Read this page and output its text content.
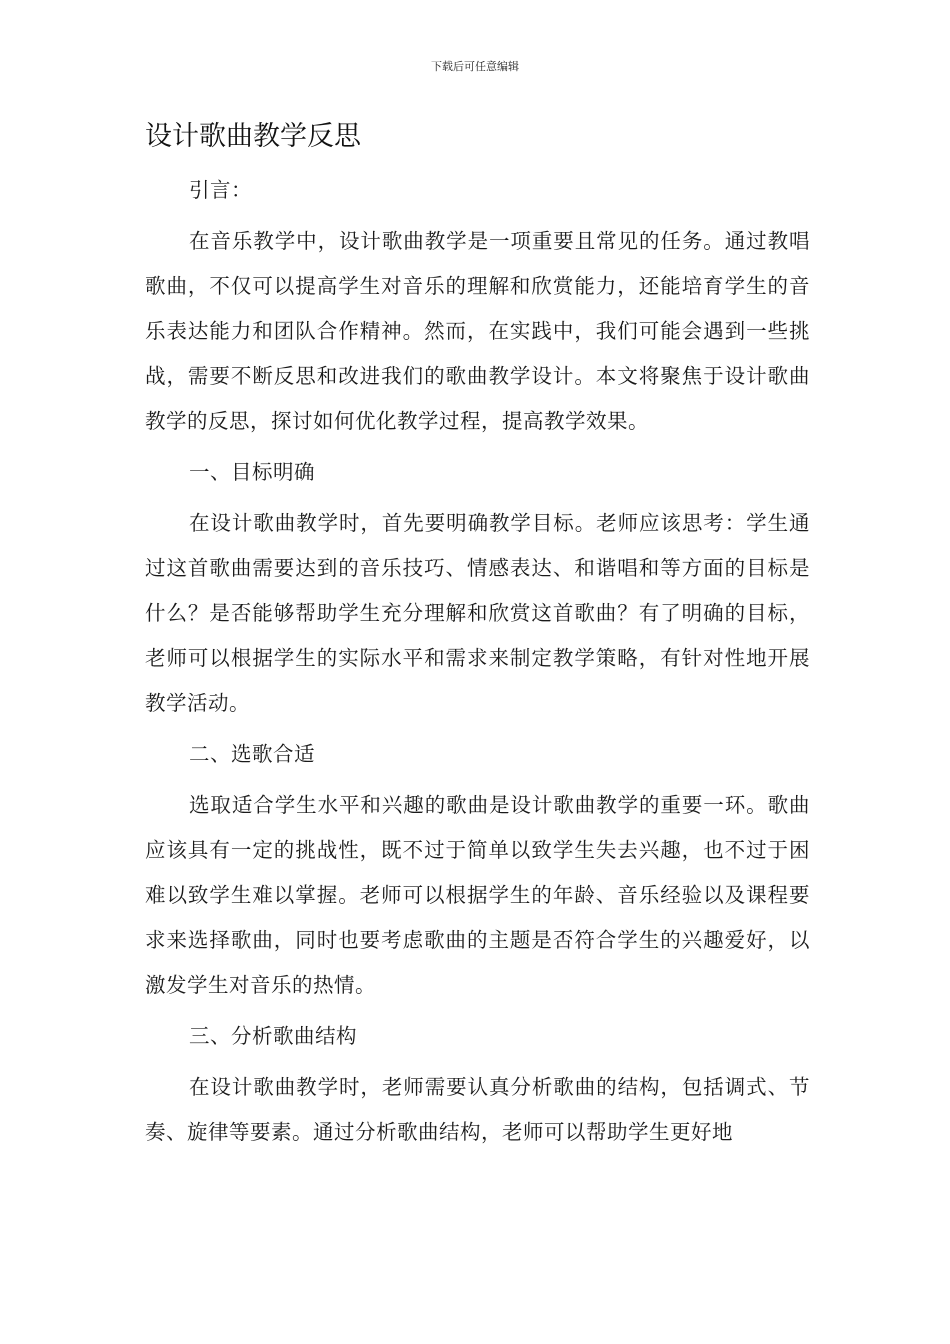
下载后可任意编辑
设计歌曲教学反思

引言：

在音乐教学中，设计歌曲教学是一项重要且常见的任务。通过教唱歌曲，不仅可以提高学生对音乐的理解和欣赏能力，还能培育学生的音乐表达能力和团队合作精神。然而，在实践中，我们可能会遇到一些挑战，需要不断反思和改进我们的歌曲教学设计。本文将聚焦于设计歌曲教学的反思，探讨如何优化教学过程，提高教学效果。

一、目标明确

在设计歌曲教学时，首先要明确教学目标。老师应该思考：学生通过这首歌曲需要达到的音乐技巧、情感表达、和谐唱和等方面的目标是什么？是否能够帮助学生充分理解和欣赏这首歌曲？有了明确的目标，老师可以根据学生的实际水平和需求来制定教学策略，有针对性地开展教学活动。

二、选歌合适

选取适合学生水平和兴趣的歌曲是设计歌曲教学的重要一环。歌曲应该具有一定的挑战性，既不过于简单以致学生失去兴趣，也不过于困难以致学生难以掌握。老师可以根据学生的年龄、音乐经验以及课程要求来选择歌曲，同时也要考虑歌曲的主题是否符合学生的兴趣爱好，以激发学生对音乐的热情。

三、分析歌曲结构

在设计歌曲教学时，老师需要认真分析歌曲的结构，包括调式、节奏、旋律等要素。通过分析歌曲结构，老师可以帮助学生更好地
